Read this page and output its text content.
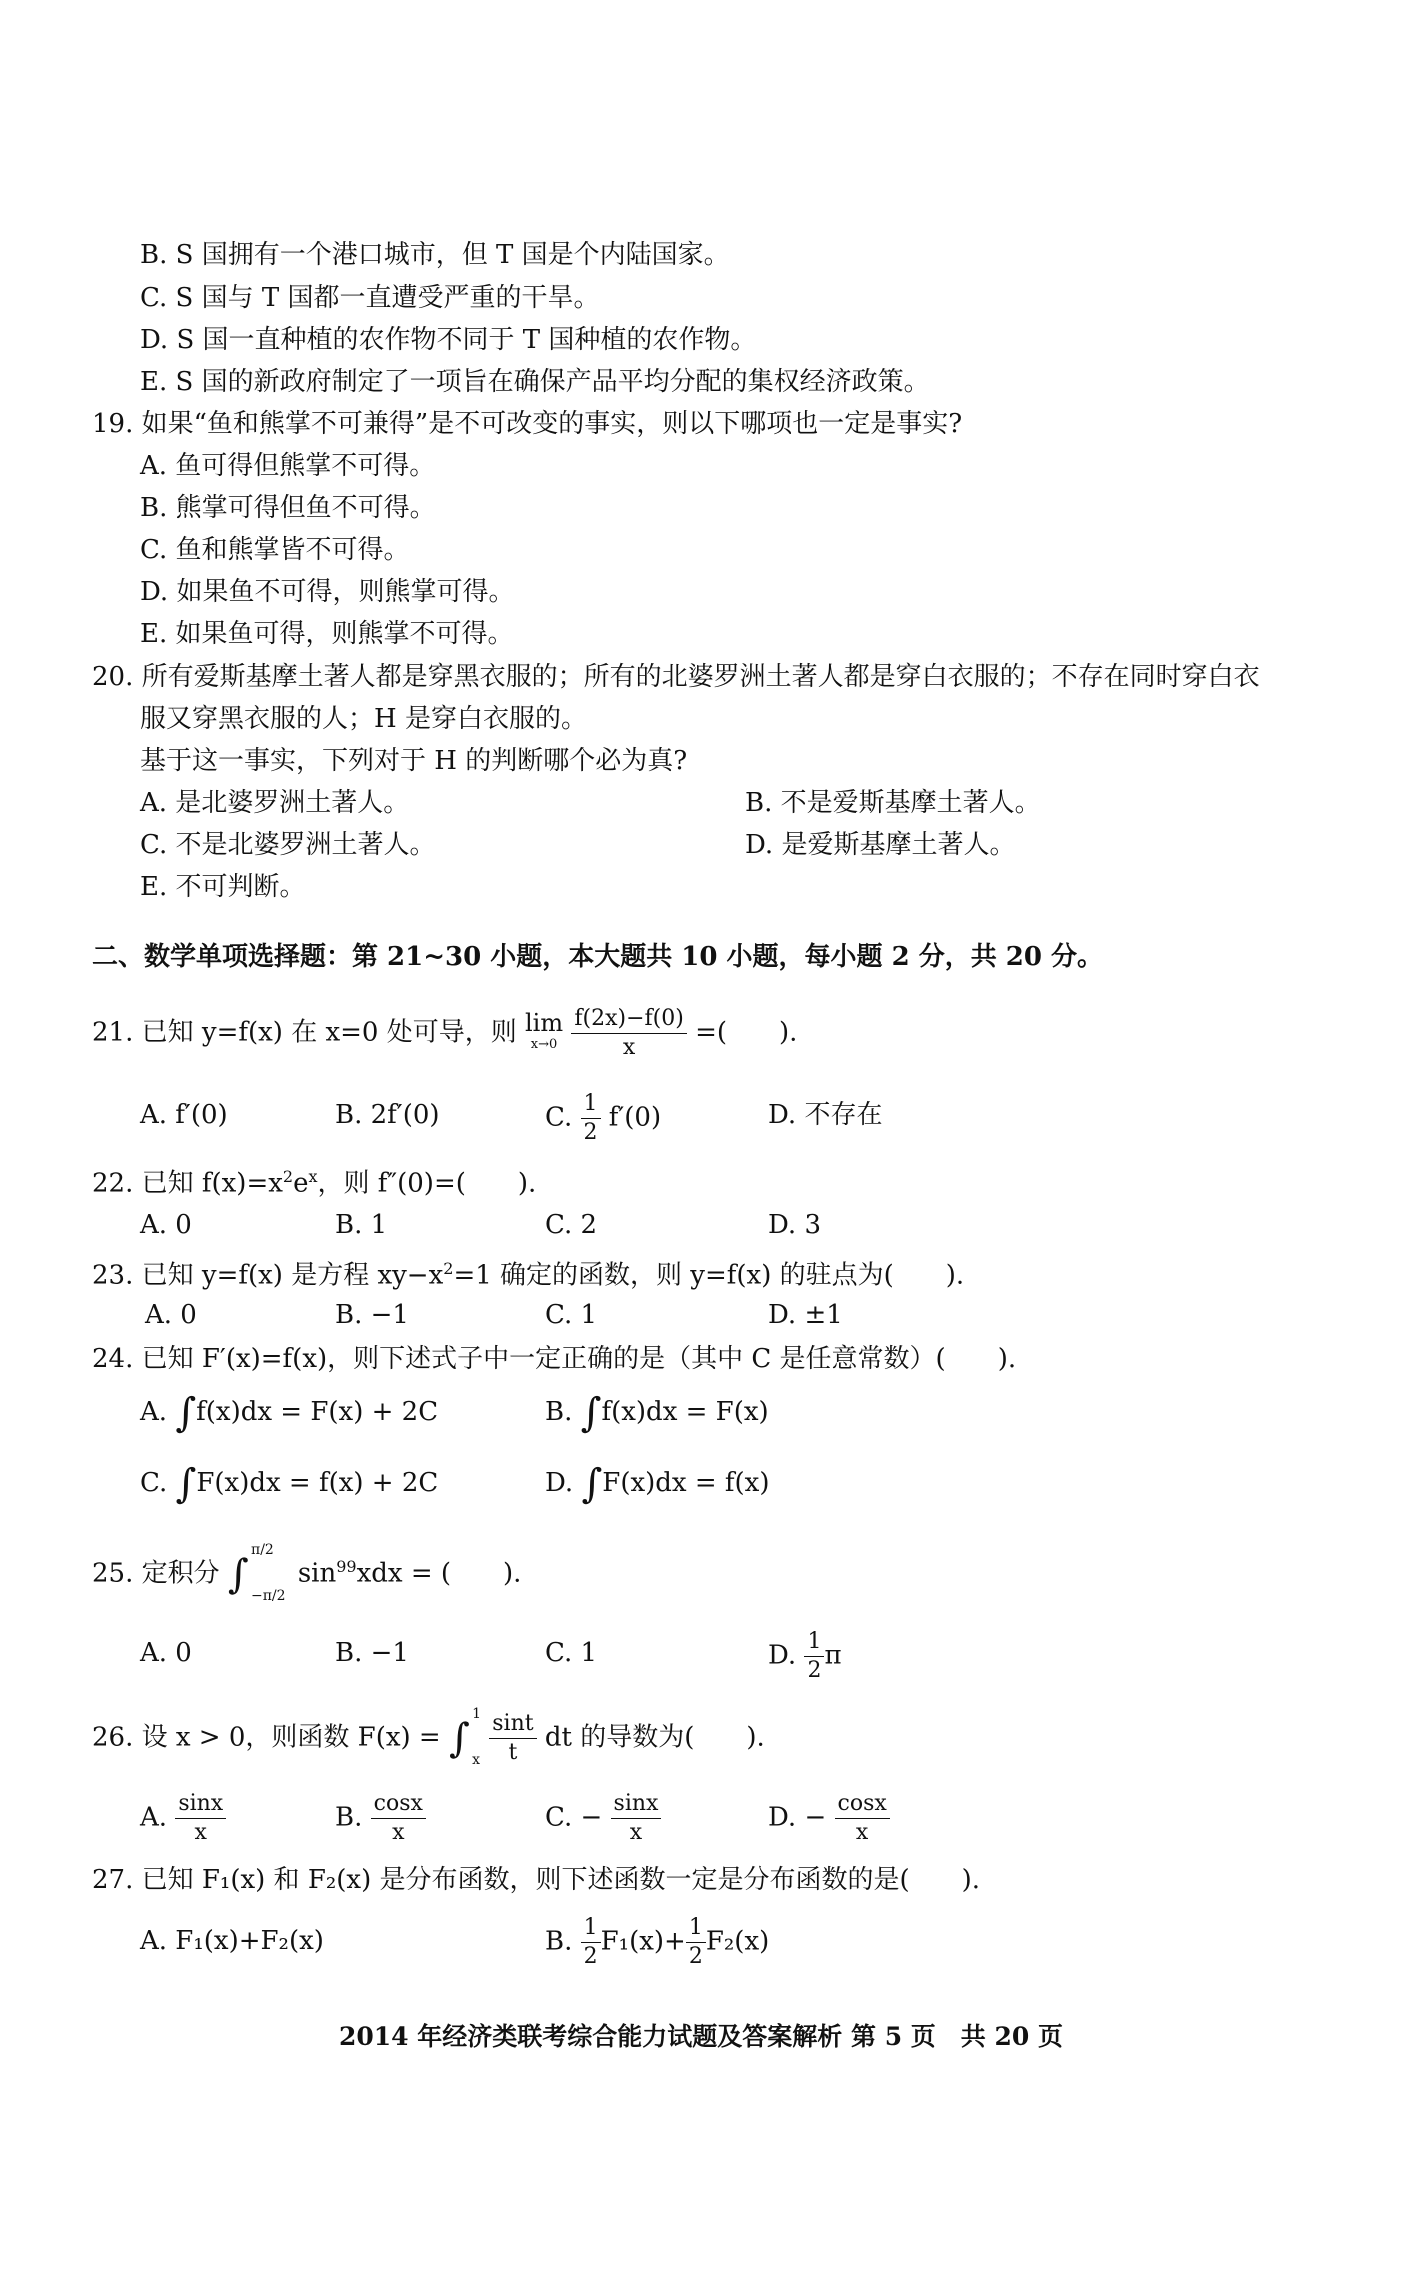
B. S 国拥有一个港口城市，但 T 国是个内陆国家。
C. S 国与 T 国都一直遭受严重的干旱。
D. S 国一直种植的农作物不同于 T 国种植的农作物。
E. S 国的新政府制定了一项旨在确保产品平均分配的集权经济政策。
19. 如果“鱼和熊掌不可兼得”是不可改变的事实，则以下哪项也一定是事实?
A. 鱼可得但熊掌不可得。
B. 熊掌可得但鱼不可得。
C. 鱼和熊掌皆不可得。
D. 如果鱼不可得，则熊掌可得。
E. 如果鱼可得，则熊掌不可得。
20. 所有爱斯基摩土著人都是穿黑衣服的；所有的北婆罗洲土著人都是穿白衣服的；不存在同时穿白衣
服又穿黑衣服的人；H 是穿白衣服的。
基于这一事实，下列对于 H 的判断哪个必为真?
A. 是北婆罗洲土著人。	B. 不是爱斯基摩土著人。
C. 不是北婆罗洲土著人。	D. 是爱斯基摩土著人。
E. 不可判断。
二、数学单项选择题：第 21~30 小题，本大题共 10 小题，每小题 2 分，共 20 分。
21. 已知 y=f(x) 在 x=0 处可导，则 lim
x→0
$\frac{f(2x)-f(0)}{x}$ =(　　).
A. f′(0)	B. 2f′(0)	C. $\frac{1}{2} f'(0)$	D. 不存在
22. 已知 $f(x)=x^2e^x$，则 f″(0)=(　　).
A. 0	B. 1	C. 2	D. 3
23. 已知 y=f(x) 是方程 $xy-x^2=1$ 确定的函数，则 y=f(x) 的驻点为(　　).
A. 0	B. −1	C. 1	D. ±1
24. 已知 F′(x)=f(x)，则下述式子中一定正确的是（其中 C 是任意常数）(　　).
A. ∫f(x)dx = F(x) + 2C	B. ∫f(x)dx = F(x)
C. ∫F(x)dx = f(x) + 2C	D. ∫F(x)dx = f(x)
25. 定积分 ∫
π/2
−π/2
$\sin^{99}xdx$ = (　　).
A. 0	B. −1	C. 1	D. $\frac{1}{2}$ π
26. 设 x > 0，则函数 F(x) = ∫
1
x
$\frac{\sin t}{t}$ dt 的导数为(　　).
A. $\frac{\sin x}{x}$	B. $\frac{\cos x}{x}$	C. − $\frac{\sin x}{x}$	D. − $\frac{\cos x}{x}$
27. 已知 F₁(x) 和 F₂(x) 是分布函数，则下述函数一定是分布函数的是(　　).
A. F₁(x)+F₂(x)	B. $\frac{1}{2} F_1(x)+ \frac{1}{2} F_2(x)$
2014 年经济类联考综合能力试题及答案解析 第 5 页　共 20 页
